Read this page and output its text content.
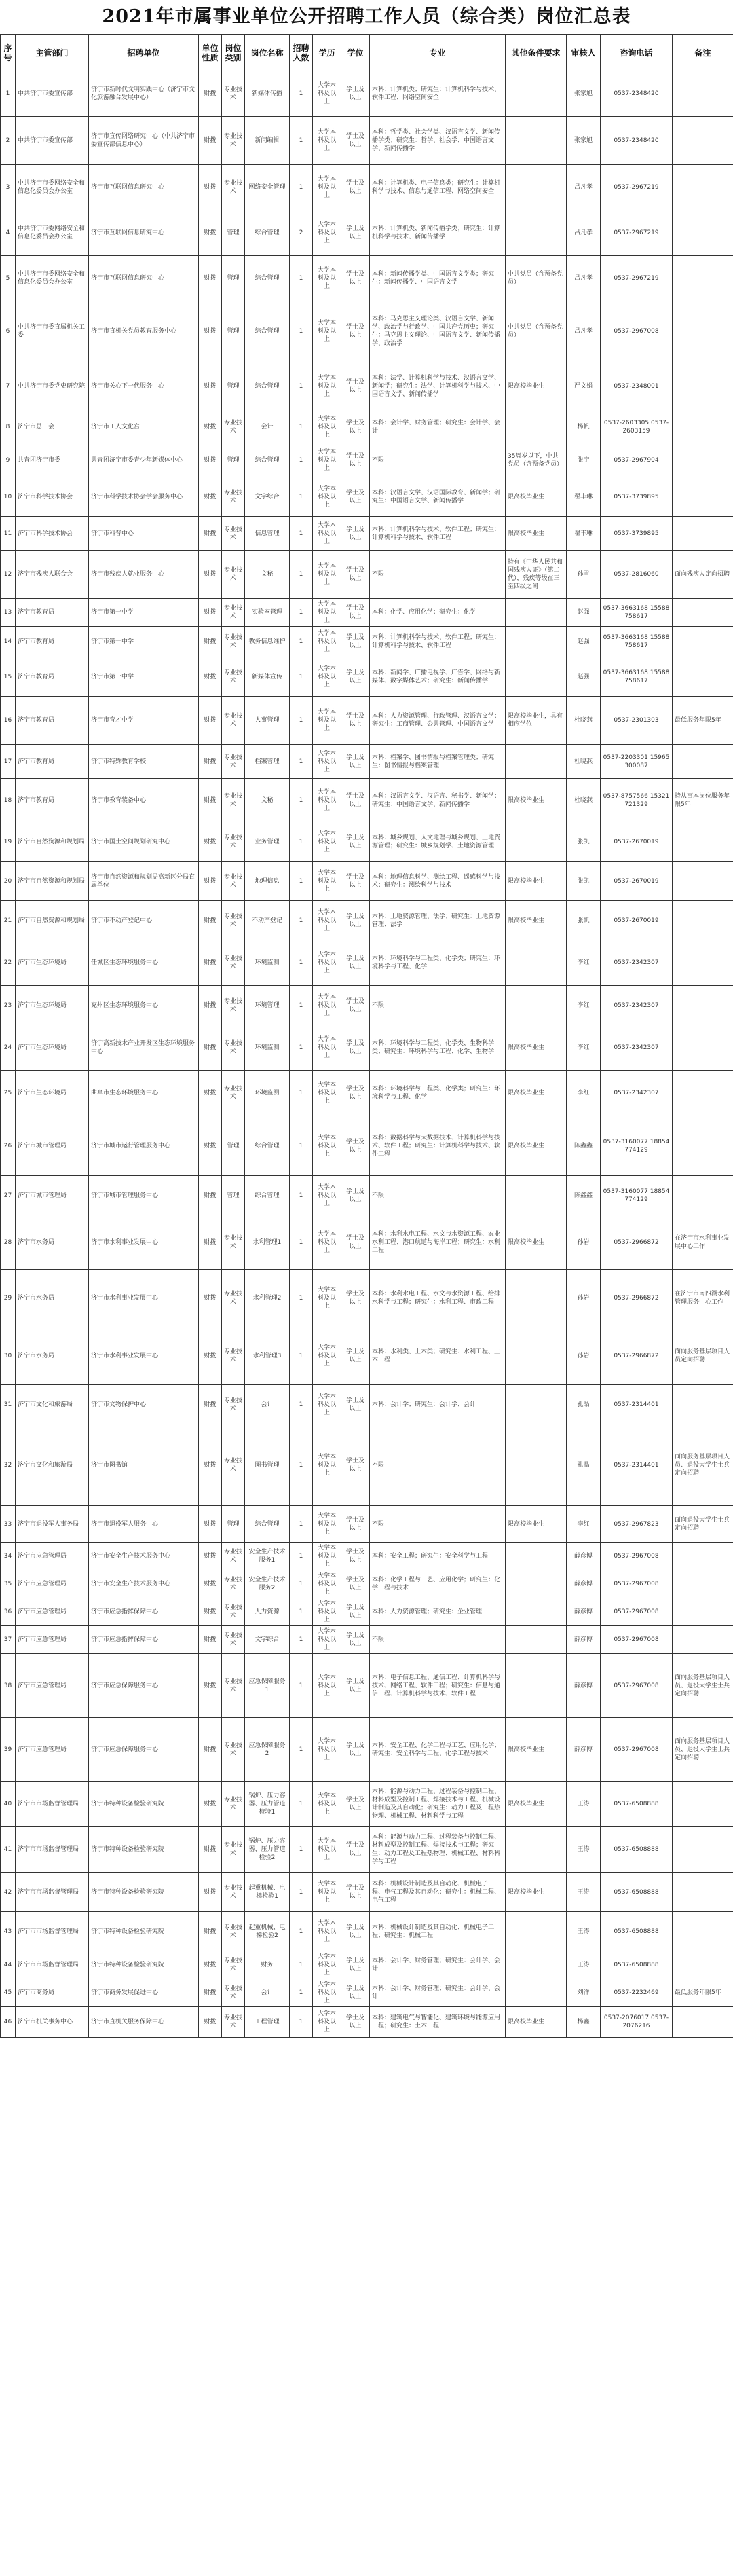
2021年市属事业单位公开招聘工作人员（综合类）岗位汇总表
序号	主管部门	招聘单位	单位性质	岗位类别	岗位名称	招聘人数	学历	学位	专业	其他条件要求	审核人	咨询电话	备注
1	中共济宁市委宣传部	济宁市新时代文明实践中心（济宁市文化旅游融合发展中心）	财拨	专业技术	新媒体传播	1	大学本科及以上	学士及以上	本科：计算机类；研究生：计算机科学与技术、软件工程、网络空间安全		张家旭	0537-2348420	
2	中共济宁市委宣传部	济宁市宣传网络研究中心（中共济宁市委宣传部信息中心）	财拨	专业技术	新闻编辑	1	大学本科及以上	学士及以上	本科：哲学类、社会学类、汉语言文学、新闻传播学类；研究生：哲学、社会学、中国语言文学、新闻传播学		张家旭	0537-2348420	
3	中共济宁市委网络安全和信息化委员会办公室	济宁市互联网信息研究中心	财拨	专业技术	网络安全管理	1	大学本科及以上	学士及以上	本科：计算机类、电子信息类；研究生：计算机科学与技术、信息与通信工程、网络空间安全		吕凡孝	0537-2967219	
4	中共济宁市委网络安全和信息化委员会办公室	济宁市互联网信息研究中心	财拨	管理	综合管理	2	大学本科及以上	学士及以上	本科：计算机类、新闻传播学类；研究生：计算机科学与技术、新闻传播学		吕凡孝	0537-2967219	
5	中共济宁市委网络安全和信息化委员会办公室	济宁市互联网信息研究中心	财拨	管理	综合管理	1	大学本科及以上	学士及以上	本科：新闻传播学类、中国语言文学类；研究生：新闻传播学、中国语言文学	中共党员（含预备党员）	吕凡孝	0537-2967219	
6	中共济宁市委直属机关工委	济宁市直机关党员教育服务中心	财拨	管理	综合管理	1	大学本科及以上	学士及以上	本科：马克思主义理论类、汉语言文学、新闻学、政治学与行政学、中国共产党历史；研究生：马克思主义理论、中国语言文学、新闻传播学、政治学	中共党员（含预备党员）	吕凡孝	0537-2967008	
7	中共济宁市委党史研究院	济宁市关心下一代服务中心	财拨	管理	综合管理	1	大学本科及以上	学士及以上	本科：法学、计算机科学与技术、汉语言文学、新闻学；研究生：法学、计算机科学与技术、中国语言文学、新闻传播学	限高校毕业生	严文娟	0537-2348001	
8	济宁市总工会	济宁市工人文化宫	财拨	专业技术	会计	1	大学本科及以上	学士及以上	本科：会计学、财务管理；研究生：会计学、会计		杨帆	0537-2603305 0537-2603159	
9	共青团济宁市委	共青团济宁市委青少年新媒体中心	财拨	管理	综合管理	1	大学本科及以上	学士及以上	不限	35周岁以下，中共党员（含预备党员）	张宁	0537-2967904	
10	济宁市科学技术协会	济宁市科学技术协会学会服务中心	财拨	专业技术	文字综合	1	大学本科及以上	学士及以上	本科：汉语言文学、汉语国际教育、新闻学；研究生：中国语言文学、新闻传播学	限高校毕业生	翟丰琳	0537-3739895	
11	济宁市科学技术协会	济宁市科普中心	财拨	专业技术	信息管理	1	大学本科及以上	学士及以上	本科：计算机科学与技术、软件工程；研究生：计算机科学与技术、软件工程	限高校毕业生	翟丰琳	0537-3739895	
12	济宁市残疾人联合会	济宁市残疾人就业服务中心	财拨	专业技术	文秘	1	大学本科及以上	学士及以上	不限	持有《中华人民共和国残疾人证》（第二代），残疾等级在三至四级之间	孙雪	0537-2816060	面向残疾人定向招聘
13	济宁市教育局	济宁市第一中学	财拨	专业技术	实验室管理	1	大学本科及以上	学士及以上	本科：化学、应用化学；研究生：化学		赵强	0537-3663168 15588758617	
14	济宁市教育局	济宁市第一中学	财拨	专业技术	教务信息维护	1	大学本科及以上	学士及以上	本科：计算机科学与技术、软件工程；研究生：计算机科学与技术、软件工程		赵强	0537-3663168 15588758617	
15	济宁市教育局	济宁市第一中学	财拨	专业技术	新媒体宣传	1	大学本科及以上	学士及以上	本科：新闻学、广播电视学、广告学、网络与新媒体、数字媒体艺术；研究生：新闻传播学		赵强	0537-3663168 15588758617	
16	济宁市教育局	济宁市育才中学	财拨	专业技术	人事管理	1	大学本科及以上	学士及以上	本科：人力资源管理、行政管理、汉语言文学；研究生：工商管理、公共管理、中国语言文学	限高校毕业生，具有相应学位	杜晓燕	0537-2301303	最低服务年限5年
17	济宁市教育局	济宁市特殊教育学校	财拨	专业技术	档案管理	1	大学本科及以上	学士及以上	本科：档案学、图书情报与档案管理类；研究生：图书情报与档案管理		杜晓燕	0537-2203301 15965300087	
18	济宁市教育局	济宁市教育装备中心	财拨	专业技术	文秘	1	大学本科及以上	学士及以上	本科：汉语言文学、汉语言、秘书学、新闻学；研究生：中国语言文学、新闻传播学	限高校毕业生	杜晓燕	0537-8757566 15321721329	持从事本岗位服务年限5年
19	济宁市自然资源和规划局	济宁市国土空间规划研究中心	财拨	专业技术	业务管理	1	大学本科及以上	学士及以上	本科：城乡规划、人文地理与城乡规划、土地资源管理；研究生：城乡规划学、土地资源管理		张凯	0537-2670019	
20	济宁市自然资源和规划局	济宁市自然资源和规划局高新区分局直属单位	财拨	专业技术	地理信息	1	大学本科及以上	学士及以上	本科：地理信息科学、测绘工程、遥感科学与技术；研究生：测绘科学与技术	限高校毕业生	张凯	0537-2670019	
21	济宁市自然资源和规划局	济宁市不动产登记中心	财拨	专业技术	不动产登记	1	大学本科及以上	学士及以上	本科：土地资源管理、法学；研究生：土地资源管理、法学	限高校毕业生	张凯	0537-2670019	
22	济宁市生态环境局	任城区生态环境服务中心	财拨	专业技术	环境监测	1	大学本科及以上	学士及以上	本科：环境科学与工程类、化学类；研究生：环境科学与工程、化学		李红	0537-2342307	
23	济宁市生态环境局	兖州区生态环境服务中心	财拨	专业技术	环境管理	1	大学本科及以上	学士及以上	不限		李红	0537-2342307	
24	济宁市生态环境局	济宁高新技术产业开发区生态环境服务中心	财拨	专业技术	环境监测	1	大学本科及以上	学士及以上	本科：环境科学与工程类、化学类、生物科学类；研究生：环境科学与工程、化学、生物学	限高校毕业生	李红	0537-2342307	
25	济宁市生态环境局	曲阜市生态环境服务中心	财拨	专业技术	环境监测	1	大学本科及以上	学士及以上	本科：环境科学与工程类、化学类；研究生：环境科学与工程、化学	限高校毕业生	李红	0537-2342307	
26	济宁市城市管理局	济宁市城市运行管理服务中心	财拨	管理	综合管理	1	大学本科及以上	学士及以上	本科：数据科学与大数据技术、计算机科学与技术、软件工程；研究生：计算机科学与技术、软件工程	限高校毕业生	陈鑫鑫	0537-3160077 18854774129	
27	济宁市城市管理局	济宁市城市管理服务中心	财拨	管理	综合管理	1	大学本科及以上	学士及以上	不限		陈鑫鑫	0537-3160077 18854774129	
28	济宁市水务局	济宁市水利事业发展中心	财拨	专业技术	水利管理1	1	大学本科及以上	学士及以上	本科：水利水电工程、水文与水资源工程、农业水利工程、港口航道与海岸工程；研究生：水利工程	限高校毕业生	孙岩	0537-2966872	在济宁市水利事业发展中心工作
29	济宁市水务局	济宁市水利事业发展中心	财拨	专业技术	水利管理2	1	大学本科及以上	学士及以上	本科：水利水电工程、水文与水资源工程、给排水科学与工程；研究生：水利工程、市政工程		孙岩	0537-2966872	在济宁市南四湖水利管理服务中心工作
30	济宁市水务局	济宁市水利事业发展中心	财拨	专业技术	水利管理3	1	大学本科及以上	学士及以上	本科：水利类、土木类；研究生：水利工程、土木工程		孙岩	0537-2966872	面向服务基层项目人员定向招聘
31	济宁市文化和旅游局	济宁市文物保护中心	财拨	专业技术	会计	1	大学本科及以上	学士及以上	本科：会计学；研究生：会计学、会计		孔晶	0537-2314401	
32	济宁市文化和旅游局	济宁市图书馆	财拨	专业技术	图书管理	1	大学本科及以上	学士及以上	不限		孔晶	0537-2314401	面向服务基层项目人员、退役大学生士兵定向招聘
33	济宁市退役军人事务局	济宁市退役军人服务中心	财拨	管理	综合管理	1	大学本科及以上	学士及以上	不限	限高校毕业生	李红	0537-2967823	面向退役大学生士兵定向招聘
34	济宁市应急管理局	济宁市安全生产技术服务中心	财拨	专业技术	安全生产技术服务1	1	大学本科及以上	学士及以上	本科：安全工程；研究生：安全科学与工程		薛彦博	0537-2967008	
35	济宁市应急管理局	济宁市安全生产技术服务中心	财拨	专业技术	安全生产技术服务2	1	大学本科及以上	学士及以上	本科：化学工程与工艺、应用化学；研究生：化学工程与技术		薛彦博	0537-2967008	
36	济宁市应急管理局	济宁市应急指挥保障中心	财拨	专业技术	人力资源	1	大学本科及以上	学士及以上	本科：人力资源管理；研究生：企业管理		薛彦博	0537-2967008	
37	济宁市应急管理局	济宁市应急指挥保障中心	财拨	专业技术	文字综合	1	大学本科及以上	学士及以上	不限		薛彦博	0537-2967008	
38	济宁市应急管理局	济宁市应急保障服务中心	财拨	专业技术	应急保障服务1	1	大学本科及以上	学士及以上	本科：电子信息工程、通信工程、计算机科学与技术、网络工程、软件工程；研究生：信息与通信工程、计算机科学与技术、软件工程		薛彦博	0537-2967008	面向服务基层项目人员、退役大学生士兵定向招聘
39	济宁市应急管理局	济宁市应急保障服务中心	财拨	专业技术	应急保障服务2	1	大学本科及以上	学士及以上	本科：安全工程、化学工程与工艺、应用化学；研究生：安全科学与工程、化学工程与技术	限高校毕业生	薛彦博	0537-2967008	面向服务基层项目人员、退役大学生士兵定向招聘
40	济宁市市场监督管理局	济宁市特种设备检验研究院	财拨	专业技术	锅炉、压力容器、压力管道检验1	1	大学本科及以上	学士及以上	本科：能源与动力工程、过程装备与控制工程、材料成型及控制工程、焊接技术与工程、机械设计制造及其自动化；研究生：动力工程及工程热物理、机械工程、材料科学与工程	限高校毕业生	王涛	0537-6508888	
41	济宁市市场监督管理局	济宁市特种设备检验研究院	财拨	专业技术	锅炉、压力容器、压力管道检验2	1	大学本科及以上	学士及以上	本科：能源与动力工程、过程装备与控制工程、材料成型及控制工程、焊接技术与工程；研究生：动力工程及工程热物理、机械工程、材料科学与工程		王涛	0537-6508888	
42	济宁市市场监督管理局	济宁市特种设备检验研究院	财拨	专业技术	起重机械、电梯检验1	1	大学本科及以上	学士及以上	本科：机械设计制造及其自动化、机械电子工程、电气工程及其自动化；研究生：机械工程、电气工程	限高校毕业生	王涛	0537-6508888	
43	济宁市市场监督管理局	济宁市特种设备检验研究院	财拨	专业技术	起重机械、电梯检验2	1	大学本科及以上	学士及以上	本科：机械设计制造及其自动化、机械电子工程；研究生：机械工程		王涛	0537-6508888	
44	济宁市市场监督管理局	济宁市特种设备检验研究院	财拨	专业技术	财务	1	大学本科及以上	学士及以上	本科：会计学、财务管理；研究生：会计学、会计		王涛	0537-6508888	
45	济宁市商务局	济宁市商务发展促进中心	财拨	专业技术	会计	1	大学本科及以上	学士及以上	本科：会计学、财务管理；研究生：会计学、会计		刘洋	0537-2232469	最低服务年限5年
46	济宁市机关事务中心	济宁市直机关服务保障中心	财拨	专业技术	工程管理	1	大学本科及以上	学士及以上	本科：建筑电气与智能化、建筑环境与能源应用工程；研究生：土木工程	限高校毕业生	杨鑫	0537-2076017 0537-2076216	
